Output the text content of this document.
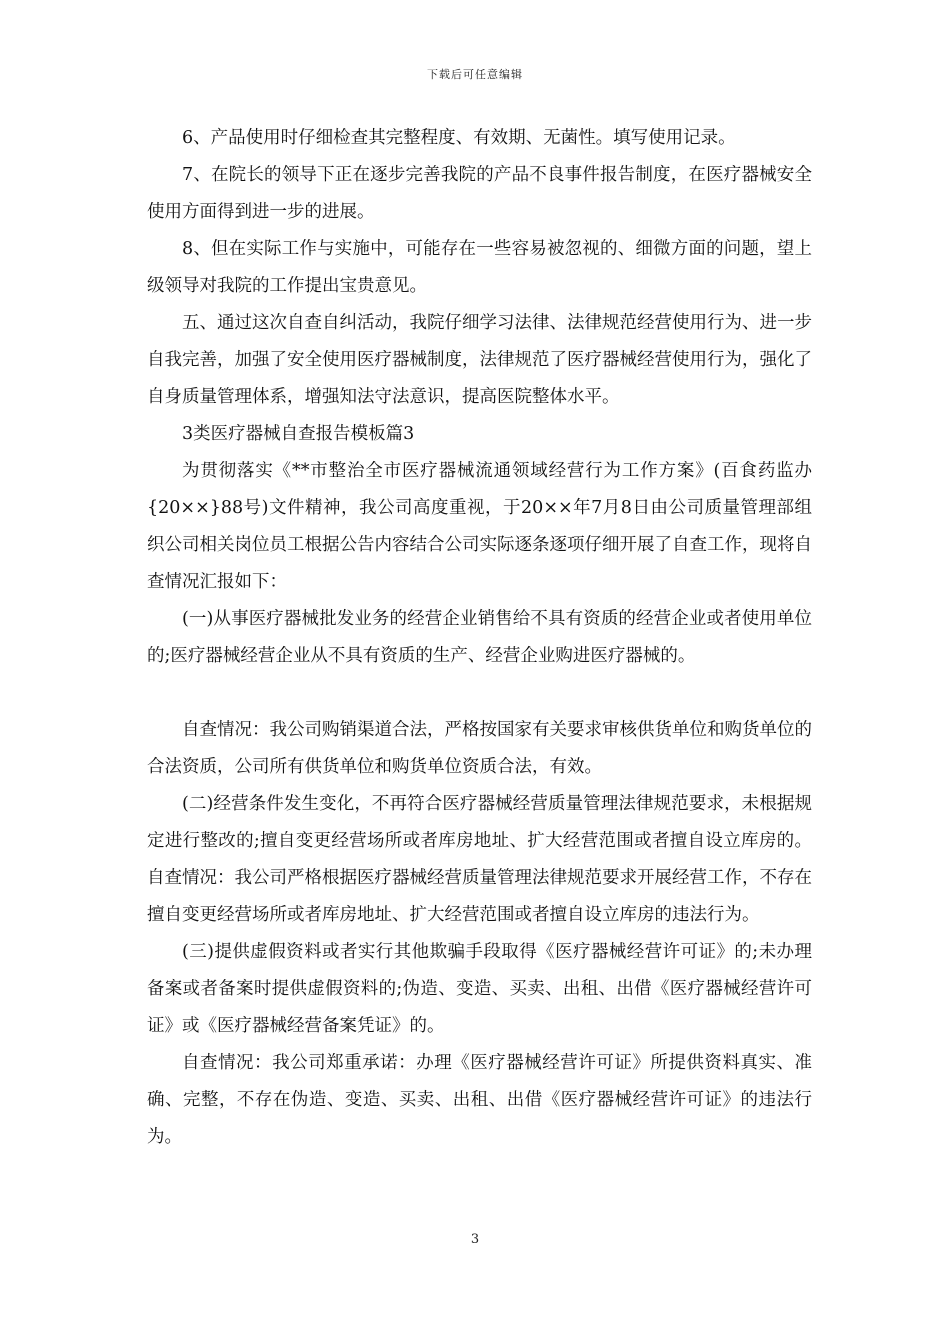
下载后可任意编辑

6、产品使用时仔细检查其完整程度、有效期、无菌性。填写使用记录。

7、在院长的领导下正在逐步完善我院的产品不良事件报告制度，在医疗器械安全使用方面得到进一步的进展。

8、但在实际工作与实施中，可能存在一些容易被忽视的、细微方面的问题，望上级领导对我院的工作提出宝贵意见。

五、通过这次自查自纠活动，我院仔细学习法律、法律规范经营使用行为、进一步自我完善，加强了安全使用医疗器械制度，法律规范了医疗器械经营使用行为，强化了自身质量管理体系，增强知法守法意识，提高医院整体水平。

3类医疗器械自查报告模板篇3

为贯彻落实《**市整治全市医疗器械流通领域经营行为工作方案》(百食药监办{20××}88号)文件精神，我公司高度重视，于20××年7月8日由公司质量管理部组织公司相关岗位员工根据公告内容结合公司实际逐条逐项仔细开展了自查工作，现将自查情况汇报如下：

(一)从事医疗器械批发业务的经营企业销售给不具有资质的经营企业或者使用单位的;医疗器械经营企业从不具有资质的生产、经营企业购进医疗器械的。

自查情况：我公司购销渠道合法，严格按国家有关要求审核供货单位和购货单位的合法资质，公司所有供货单位和购货单位资质合法，有效。

(二)经营条件发生变化，不再符合医疗器械经营质量管理法律规范要求，未根据规定进行整改的;擅自变更经营场所或者库房地址、扩大经营范围或者擅自设立库房的。自查情况：我公司严格根据医疗器械经营质量管理法律规范要求开展经营工作，不存在擅自变更经营场所或者库房地址、扩大经营范围或者擅自设立库房的违法行为。

(三)提供虚假资料或者实行其他欺骗手段取得《医疗器械经营许可证》的;未办理备案或者备案时提供虚假资料的;伪造、变造、买卖、出租、出借《医疗器械经营许可证》或《医疗器械经营备案凭证》的。

自查情况：我公司郑重承诺：办理《医疗器械经营许可证》所提供资料真实、准确、完整，不存在伪造、变造、买卖、出租、出借《医疗器械经营许可证》的违法行为。

3
